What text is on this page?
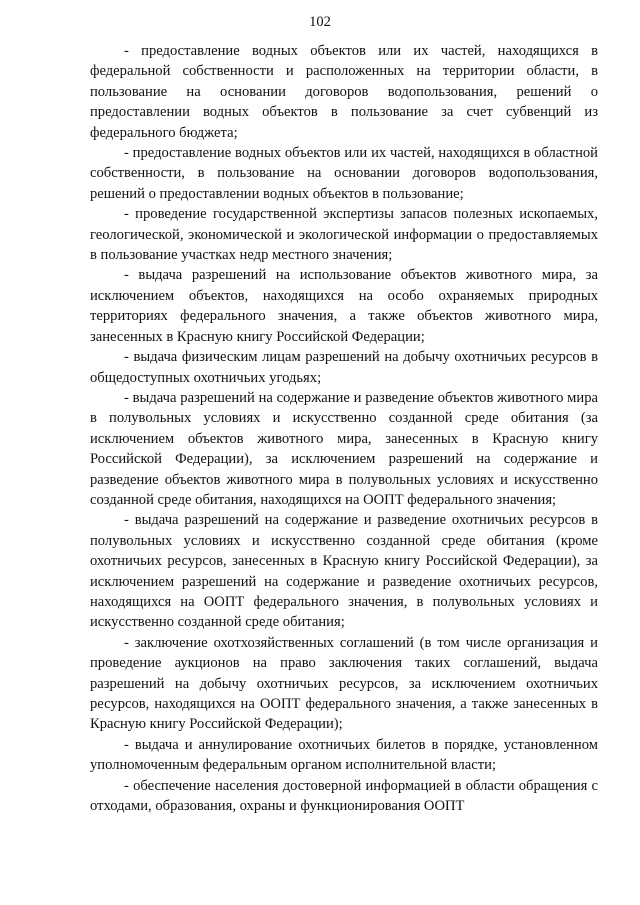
102

- предоставление водных объектов или их частей, находящихся в федеральной собственности и расположенных на территории области, в пользование на основании договоров водопользования, решений о предоставлении водных объектов в пользование за счет субвенций из федерального бюджета;

- предоставление водных объектов или их частей, находящихся в областной собственности, в пользование на основании договоров водопользования, решений о предоставлении водных объектов в пользование;

- проведение государственной экспертизы запасов полезных ископаемых, геологической, экономической и экологической информации о предоставляемых в пользование участках недр местного значения;

- выдача разрешений на использование объектов животного мира, за исключением объектов, находящихся на особо охраняемых природных территориях федерального значения, а также объектов животного мира, занесенных в Красную книгу Российской Федерации;

- выдача физическим лицам разрешений на добычу охотничьих ресурсов в общедоступных охотничьих угодьях;

- выдача разрешений на содержание и разведение объектов животного мира в полувольных условиях и искусственно созданной среде обитания (за исключением объектов животного мира, занесенных в Красную книгу Российской Федерации), за исключением разрешений на содержание и разведение объектов животного мира в полувольных условиях и искусственно созданной среде обитания, находящихся на ООПТ федерального значения;

- выдача разрешений на содержание и разведение охотничьих ресурсов в полувольных условиях и искусственно созданной среде обитания (кроме охотничьих ресурсов, занесенных в Красную книгу Российской Федерации), за исключением разрешений на содержание и разведение охотничьих ресурсов, находящихся на ООПТ федерального значения, в полувольных условиях и искусственно созданной среде обитания;

- заключение охотхозяйственных соглашений (в том числе организация и проведение аукционов на право заключения таких соглашений, выдача разрешений на добычу охотничьих ресурсов, за исключением охотничьих ресурсов, находящихся на ООПТ федерального значения, а также занесенных в Красную книгу Российской Федерации);

- выдача и аннулирование охотничьих билетов в порядке, установленном уполномоченным федеральным органом исполнительной власти;

- обеспечение населения достоверной информацией в области обращения с отходами, образования, охраны и функционирования ООПТ
